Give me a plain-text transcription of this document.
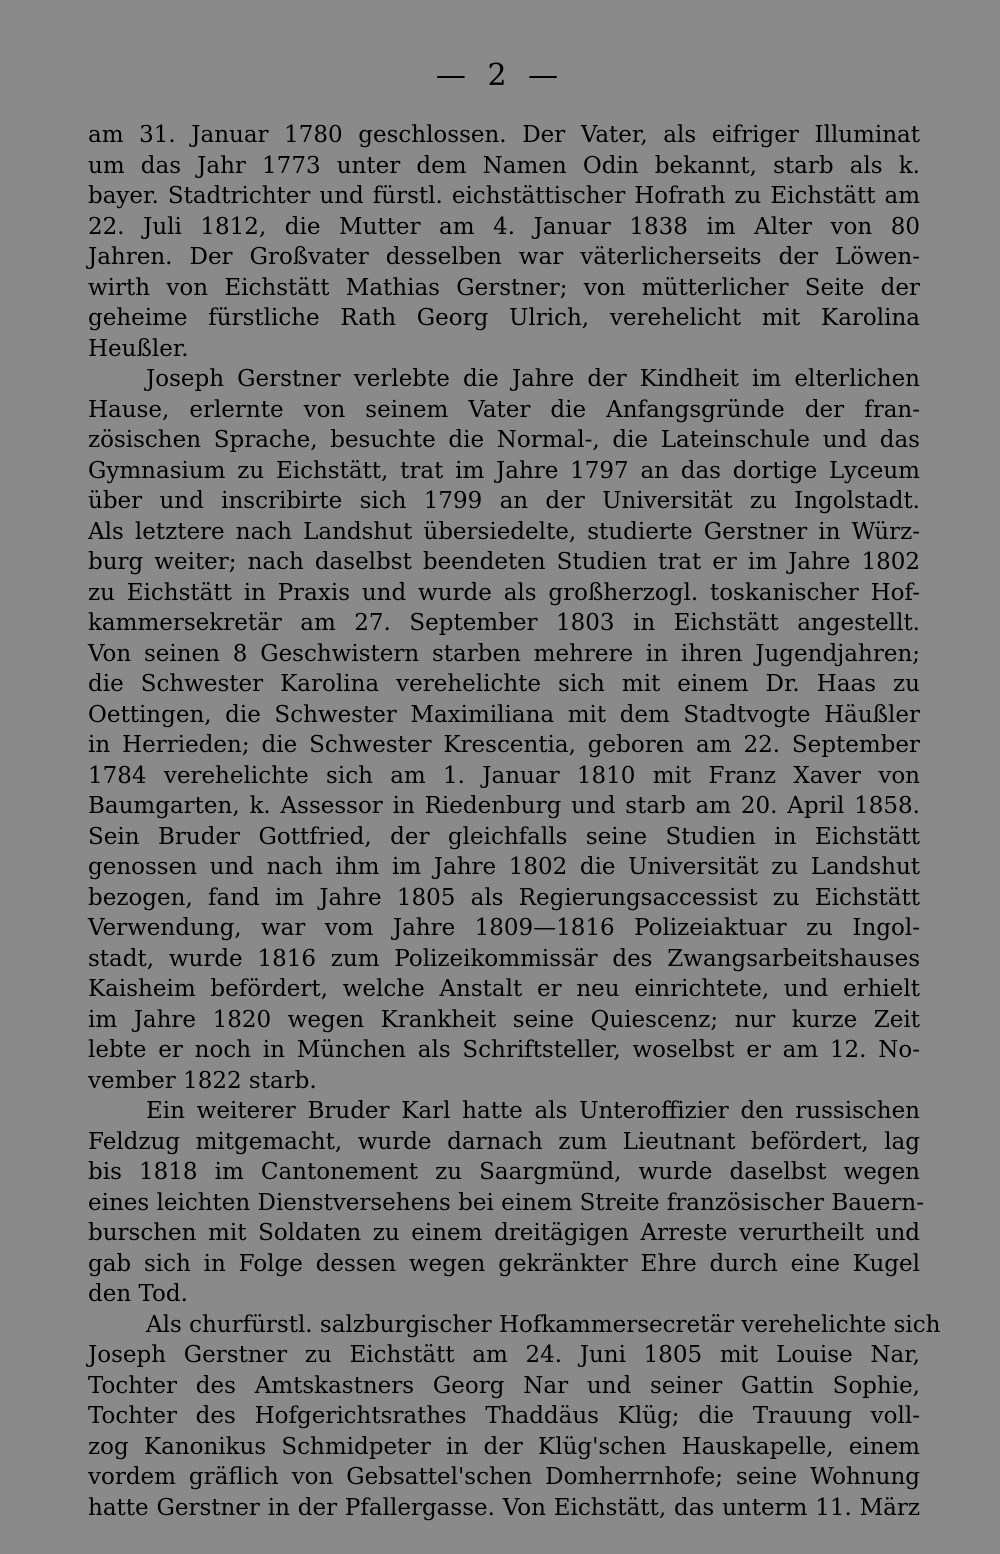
— 2 —
am 31. Januar 1780 geschlossen. Der Vater, als eifriger Illuminat
um das Jahr 1773 unter dem Namen Odin bekannt, starb als k.
bayer. Stadtrichter und fürstl. eichstättischer Hofrath zu Eichstätt am
22. Juli 1812, die Mutter am 4. Januar 1838 im Alter von 80
Jahren. Der Großvater desselben war väterlicherseits der Löwen-
wirth von Eichstätt Mathias Gerstner; von mütterlicher Seite der
geheime fürstliche Rath Georg Ulrich, verehelicht mit Karolina
Heußler.
Joseph Gerstner verlebte die Jahre der Kindheit im elterlichen
Hause, erlernte von seinem Vater die Anfangsgründe der fran-
zösischen Sprache, besuchte die Normal-, die Lateinschule und das
Gymnasium zu Eichstätt, trat im Jahre 1797 an das dortige Lyceum
über und inscribirte sich 1799 an der Universität zu Ingolstadt.
Als letztere nach Landshut übersiedelte, studierte Gerstner in Würz-
burg weiter; nach daselbst beendeten Studien trat er im Jahre 1802
zu Eichstätt in Praxis und wurde als großherzogl. toskanischer Hof-
kammersekretär am 27. September 1803 in Eichstätt angestellt.
Von seinen 8 Geschwistern starben mehrere in ihren Jugendjahren;
die Schwester Karolina verehelichte sich mit einem Dr. Haas zu
Oettingen, die Schwester Maximiliana mit dem Stadtvogte Häußler
in Herrieden; die Schwester Krescentia, geboren am 22. September
1784 verehelichte sich am 1. Januar 1810 mit Franz Xaver von
Baumgarten, k. Assessor in Riedenburg und starb am 20. April 1858.
Sein Bruder Gottfried, der gleichfalls seine Studien in Eichstätt
genossen und nach ihm im Jahre 1802 die Universität zu Landshut
bezogen, fand im Jahre 1805 als Regierungsaccessist zu Eichstätt
Verwendung, war vom Jahre 1809—1816 Polizeiaktuar zu Ingol-
stadt, wurde 1816 zum Polizeikommissär des Zwangsarbeitshauses
Kaisheim befördert, welche Anstalt er neu einrichtete, und erhielt
im Jahre 1820 wegen Krankheit seine Quiescenz; nur kurze Zeit
lebte er noch in München als Schriftsteller, woselbst er am 12. No-
vember 1822 starb.
Ein weiterer Bruder Karl hatte als Unteroffizier den russischen
Feldzug mitgemacht, wurde darnach zum Lieutnant befördert, lag
bis 1818 im Cantonement zu Saargmünd, wurde daselbst wegen
eines leichten Dienstversehens bei einem Streite französischer Bauern-
burschen mit Soldaten zu einem dreitägigen Arreste verurtheilt und
gab sich in Folge dessen wegen gekränkter Ehre durch eine Kugel
den Tod.
Als churfürstl. salzburgischer Hofkammersecretär verehelichte sich
Joseph Gerstner zu Eichstätt am 24. Juni 1805 mit Louise Nar,
Tochter des Amtskastners Georg Nar und seiner Gattin Sophie,
Tochter des Hofgerichtsrathes Thaddäus Klüg; die Trauung voll-
zog Kanonikus Schmidpeter in der Klüg'schen Hauskapelle, einem
vordem gräflich von Gebsattel'schen Domherrnhofe; seine Wohnung
hatte Gerstner in der Pfallergasse. Von Eichstätt, das unterm 11. März
